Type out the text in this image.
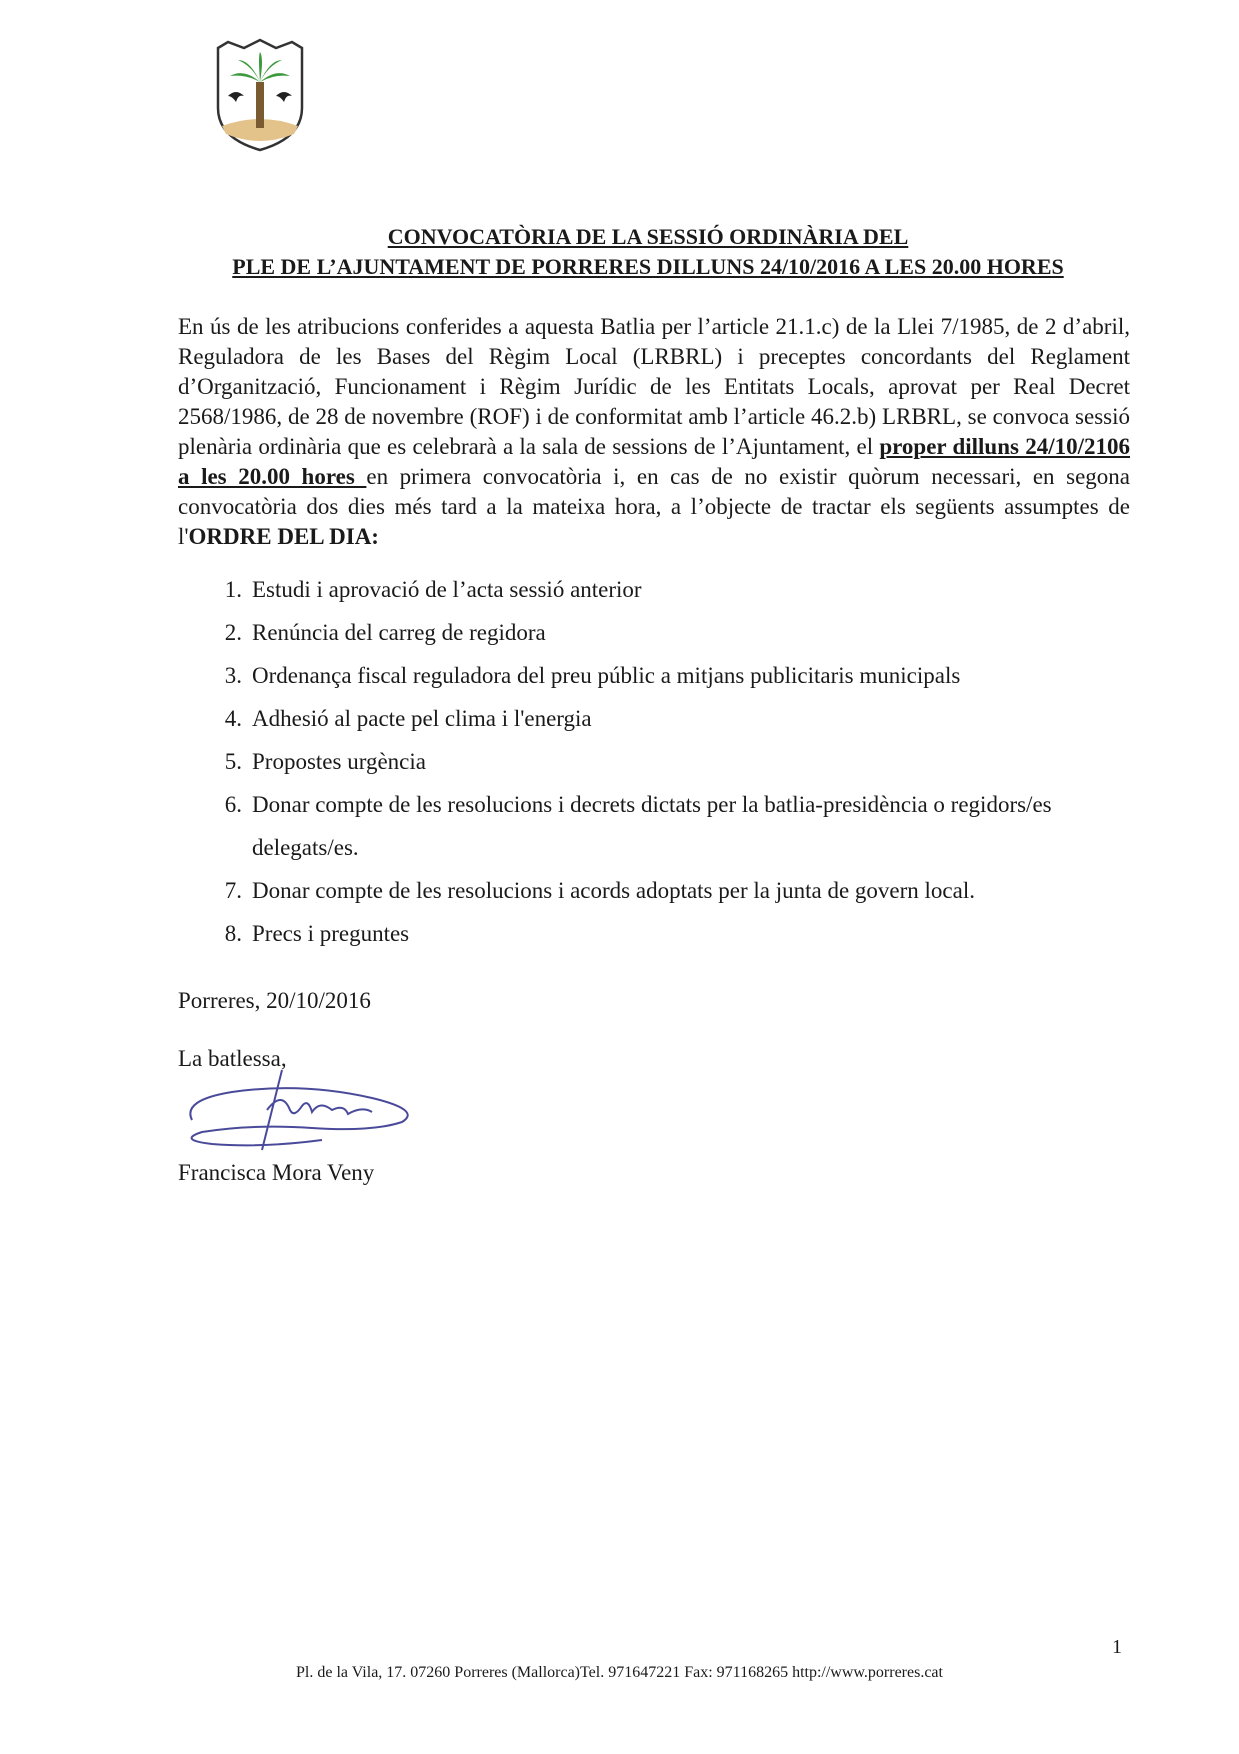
CONVOCATÒRIA DE LA SESSIÓ ORDINÀRIA DEL
PLE DE L’AJUNTAMENT DE PORRERES DILLUNS 24/10/2016 A LES 20.00 HORES
En ús de les atribucions conferides a aquesta Batlia per l’article 21.1.c) de la Llei 7/1985, de 2 d’abril, Reguladora de les Bases del Règim Local (LRBRL) i preceptes concordants del Reglament d’Organització, Funcionament i Règim Jurídic de les Entitats Locals, aprovat per Real Decret 2568/1986, de 28 de novembre (ROF) i de conformitat amb l’article 46.2.b) LRBRL, se convoca sessió plenària ordinària que es celebrarà a la sala de sessions de l’Ajuntament, el proper dilluns 24/10/2106 a les 20.00 hores en primera convocatòria i, en cas de no existir quòrum necessari, en segona convocatòria dos dies més tard a la mateixa hora, a l’objecte de tractar els següents assumptes de l'ORDRE DEL DIA:
1. Estudi i aprovació de l’acta sessió anterior
2. Renúncia del carreg de regidora
3. Ordenança fiscal reguladora del preu públic a mitjans publicitaris municipals
4. Adhesió al pacte pel clima i l'energia
5. Propostes urgència
6. Donar compte de les resolucions i decrets dictats per la batlia-presidència o regidors/es delegats/es.
7. Donar compte de les resolucions i acords adoptats per la junta de govern local.
8. Precs i preguntes
Porreres, 20/10/2016
La batlessa,
Francisca Mora Veny
1
Pl. de la Vila, 17. 07260 Porreres (Mallorca)Tel. 971647221 Fax: 971168265 http://www.porreres.cat
